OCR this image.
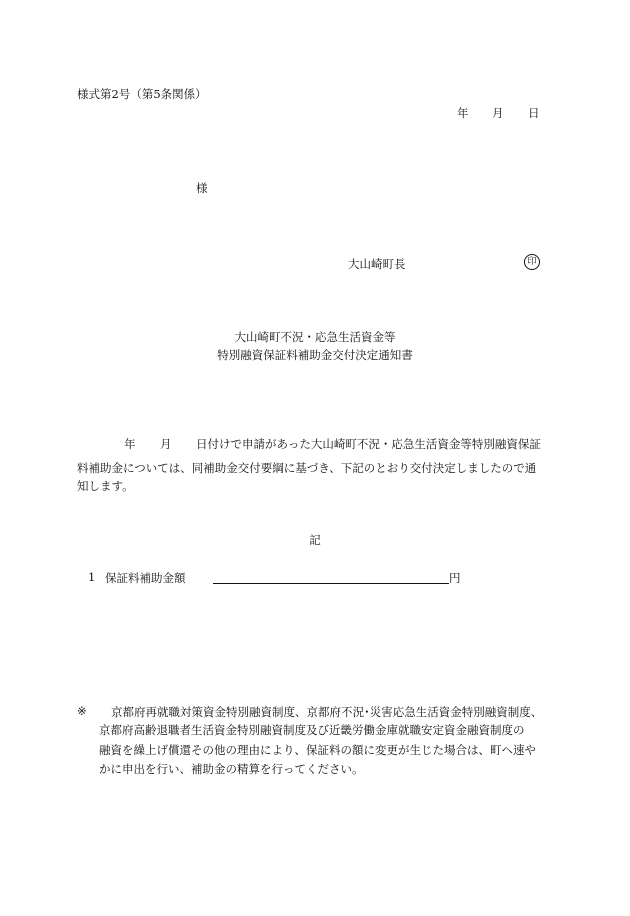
様式第2号（第5条関係）
年 月 日
様
大山崎町長	印
大山崎町不況・応急生活資金等
特別融資保証料補助金交付決定通知書
年 月 日付けで申請があった大山崎町不況・応急生活資金等特別融資保証
料補助金については、同補助金交付要綱に基づき、下記のとおり交付決定しましたので通
知します。
記
1 保証料補助金額	円
※ 京都府再就職対策資金特別融資制度、京都府不況･災害応急生活資金特別融資制度、
京都府高齢退職者生活資金特別融資制度及び近畿労働金庫就職安定資金融資制度の
融資を繰上げ償還その他の理由により、保証料の額に変更が生じた場合は、町へ速や
かに申出を行い、補助金の精算を行ってください。
